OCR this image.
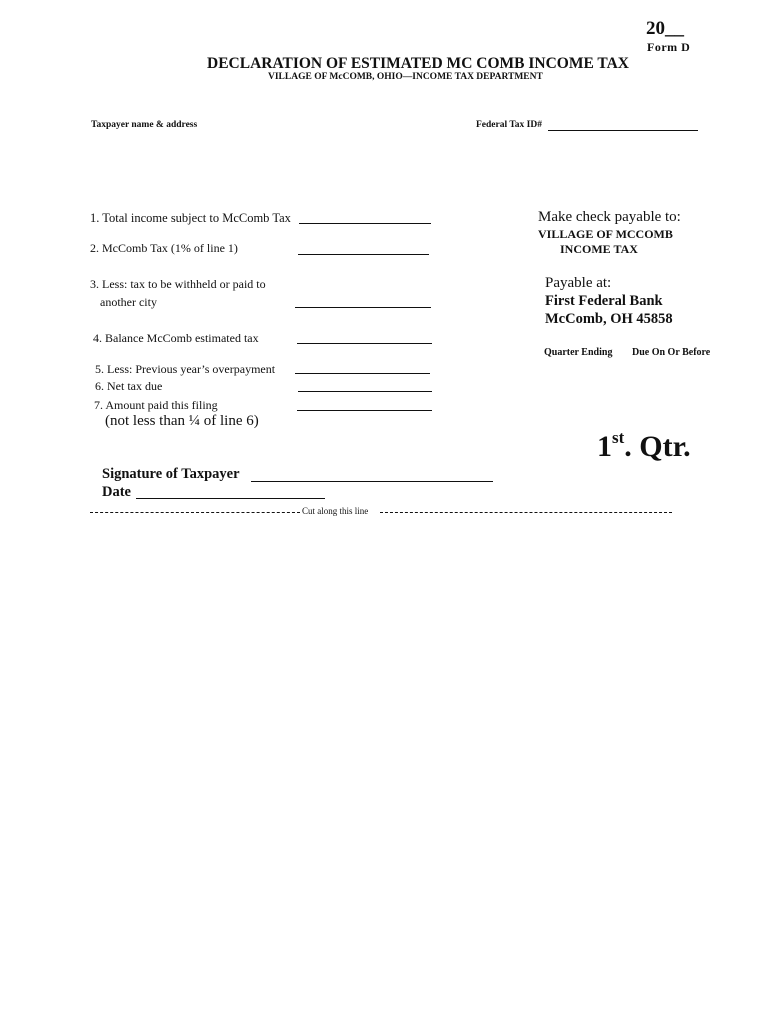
20__
Form D
DECLARATION OF ESTIMATED MC COMB INCOME TAX
VILLAGE OF McCOMB, OHIO—INCOME TAX DEPARTMENT
Taxpayer name & address	Federal Tax ID#
1. Total income subject to McComb Tax
2. McComb Tax (1% of line 1)
3. Less: tax to be withheld or paid to
another city
4. Balance McComb estimated tax
5. Less: Previous year’s overpayment
6. Net tax due
7. Amount paid this filing
(not less than ¼ of line 6)
Make check payable to:
VILLAGE OF MCCOMB
INCOME TAX
Payable at:
First Federal Bank
McComb, OH 45858
Quarter Ending Due On Or Before
1st. Qtr.
Signature of Taxpayer
Date
Cut along this line
